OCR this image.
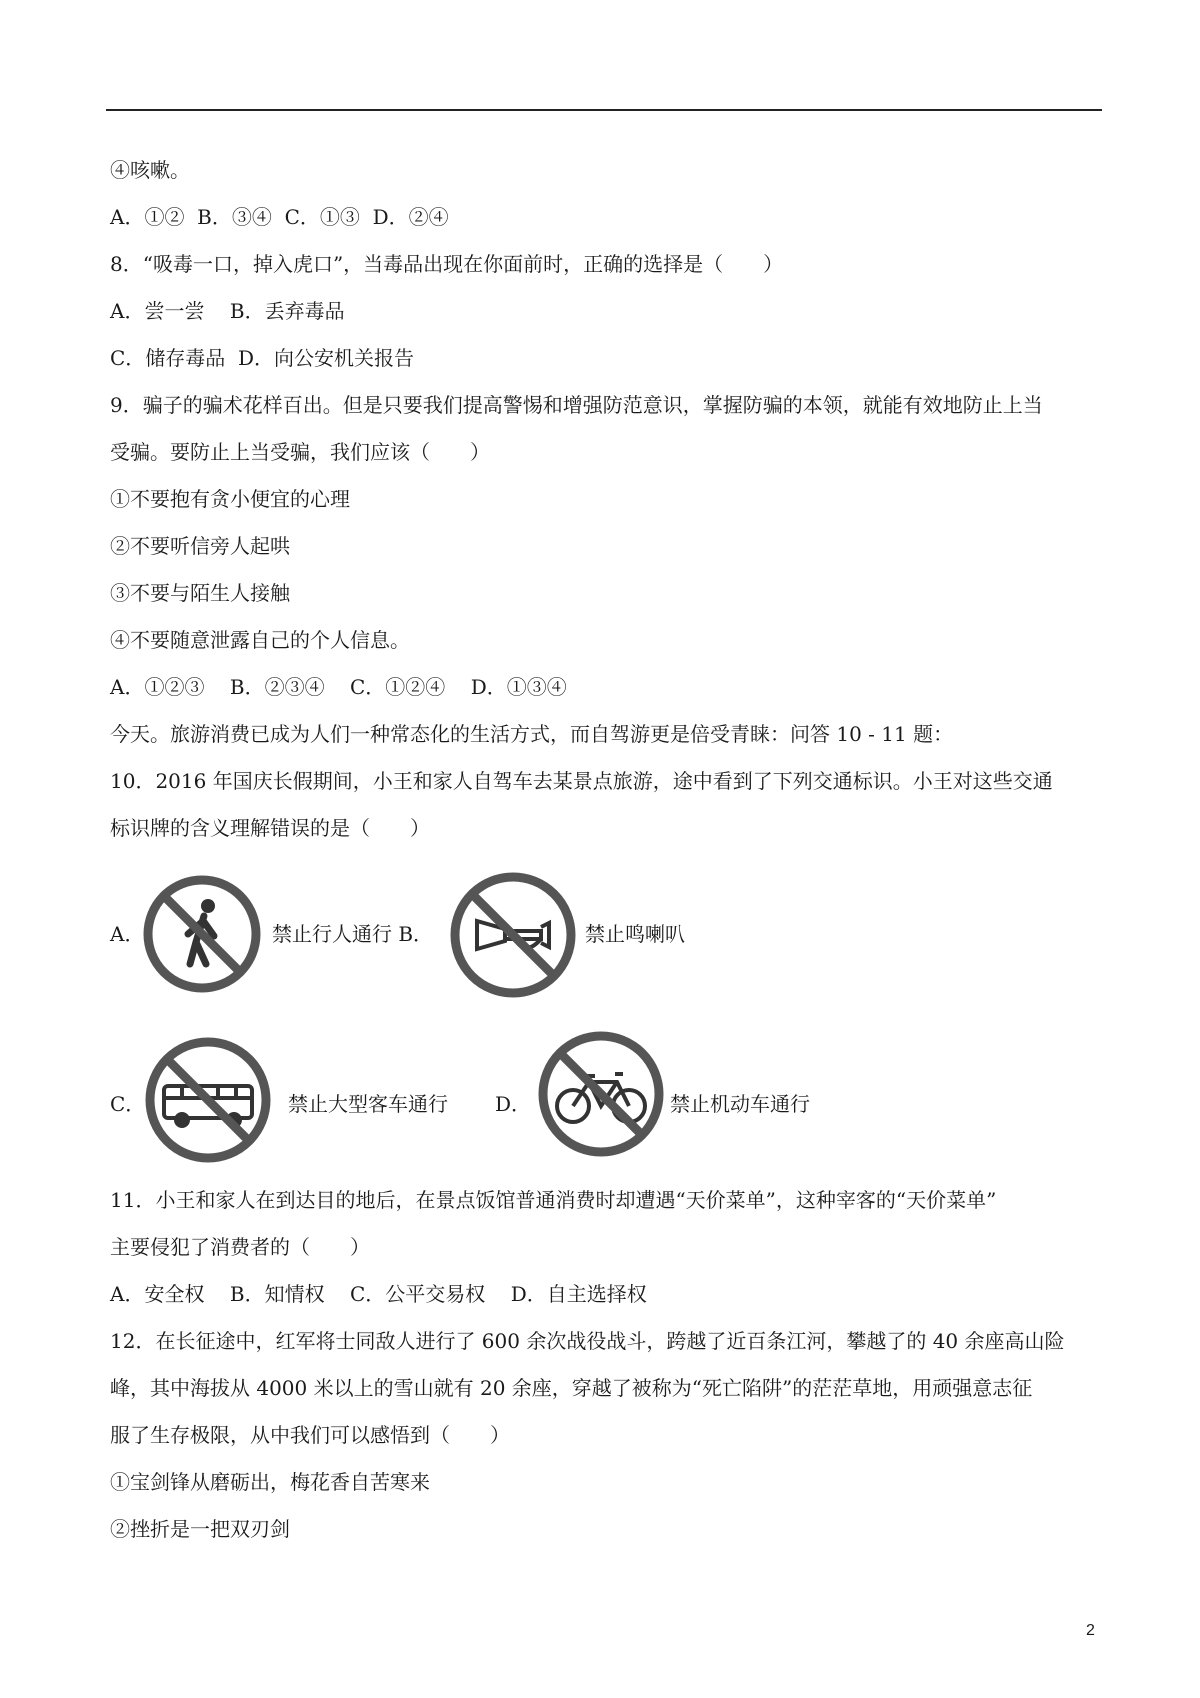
④咳嗽。
A．①②  B．③④  C．①③  D．②④
8．“吸毒一口，掉入虎口”，当毒品出现在你面前时，正确的选择是（　　）
A．尝一尝    B．丢弃毒品
C．储存毒品  D．向公安机关报告
9．骗子的骗术花样百出。但是只要我们提高警惕和增强防范意识，掌握防骗的本领，就能有效地防止上当
受骗。要防止上当受骗，我们应该（　　）
①不要抱有贪小便宜的心理
②不要听信旁人起哄
③不要与陌生人接触
④不要随意泄露自己的个人信息。
A．①②③    B．②③④    C．①②④    D．①③④
今天。旅游消费已成为人们一种常态化的生活方式，而自驾游更是倍受青睐：问答 10 - 11 题：
10．2016 年国庆长假期间，小王和家人自驾车去某景点旅游，途中看到了下列交通标识。小王对这些交通
标识牌的含义理解错误的是（　　）
A．	禁止行人通行 B．	禁止鸣喇叭
C．	禁止大型客车通行 D．	禁止机动车通行
11．小王和家人在到达目的地后，在景点饭馆普通消费时却遭遇“天价菜单”，这种宰客的“天价菜单”
主要侵犯了消费者的（　　）
A．安全权    B．知情权    C．公平交易权    D．自主选择权
12．在长征途中，红军将士同敌人进行了 600 余次战役战斗，跨越了近百条江河，攀越了的 40 余座高山险
峰，其中海拔从 4000 米以上的雪山就有 20 余座，穿越了被称为“死亡陷阱”的茫茫草地，用顽强意志征
服了生存极限，从中我们可以感悟到（　　）
①宝剑锋从磨砺出，梅花香自苦寒来
②挫折是一把双刃剑
2
